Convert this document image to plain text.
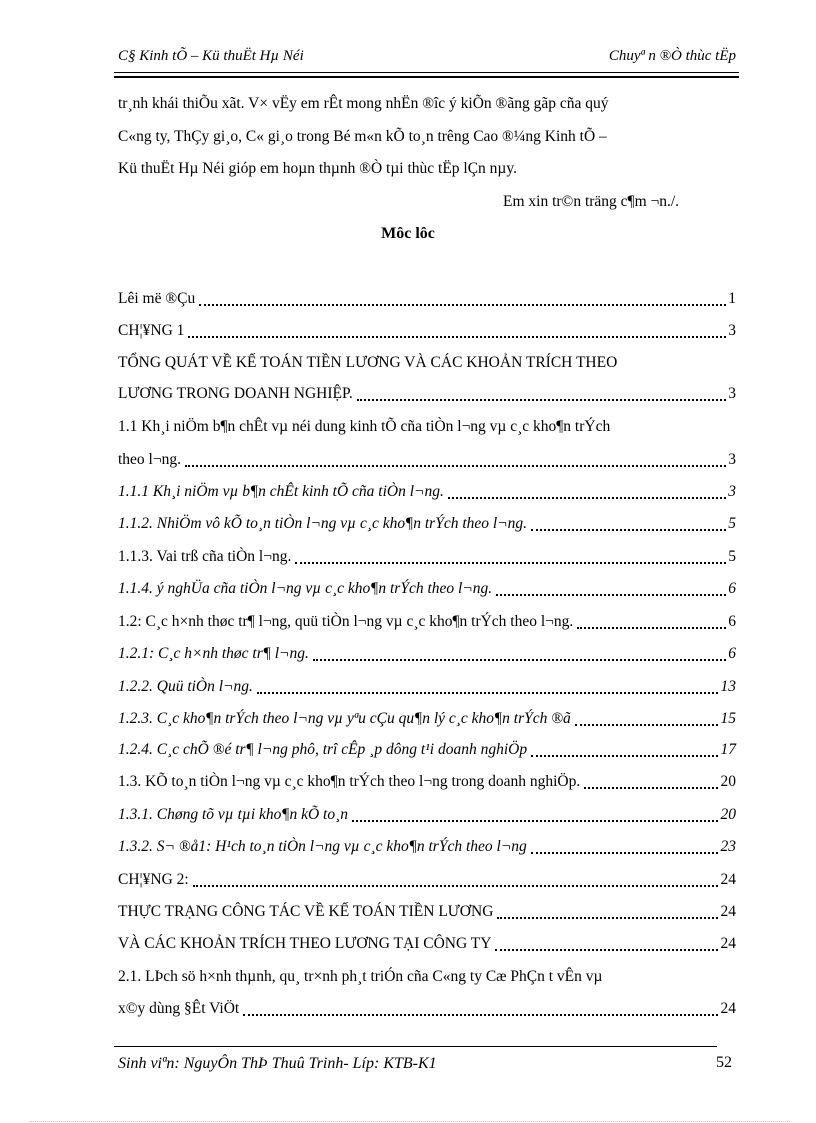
C§ Kinh tÕ – Kü thuËt Hµ Néi	Chuyª n ®Ò thùc tËp
tr¸nh khái thiÕu xãt. V× vËy em rÊt mong nhËn ®îc ý kiÕn ®ãng gãp cña quý
C«ng ty, ThÇy gi¸o, C« gi¸o trong Bé m«n kÕ to¸n trêng Cao ®¼ng Kinh tÕ –
Kü thuËt Hµ Néi gióp em hoµn thµnh ®Ò tµi thùc tËp lÇn nµy.
Em xin tr©n träng c¶m ¬n./.
Môc lôc
Lêi më ®Çu	1
CH¦¥NG 1	3
TỔNG QUÁT VỀ KẾ TOÁN TIỀN LƯƠNG VÀ CÁC KHOẢN TRÍCH THEO
LƯƠNG TRONG DOANH NGHIỆP.	3
1.1 Kh¸i niÖm b¶n chÊt vµ néi dung kinh tÕ cña tiÒn l¬ng vµ c¸c kho¶n trÝch
theo l¬ng.	3
1.1.1 Kh¸i niÖm vµ b¶n chÊt kinh tÕ cña tiÒn l¬ng.	3
1.1.2. NhiÖm vô kÕ to¸n tiÒn l¬ng vµ c¸c kho¶n trÝch theo l¬ng.	5
1.1.3. Vai trß cña tiÒn l¬ng.	5
1.1.4. ý nghÜa cña tiÒn l¬ng vµ c¸c kho¶n trÝch theo l¬ng.	6
1.2: C¸c h×nh thøc tr¶ l¬ng, quü tiÒn l¬ng vµ c¸c kho¶n trÝch theo l¬ng.	6
1.2.1: C¸c h×nh thøc tr¶ l¬ng.	6
1.2.2. Quü tiÒn l¬ng.	13
1.2.3. C¸c kho¶n trÝch theo l¬ng vµ yªu cÇu qu¶n lý c¸c kho¶n trÝch ®ã	15
1.2.4. C¸c chÕ ®é tr¶ l¬ng phô, trî cÊp ¸p dông t¹i doanh nghiÖp	17
1.3. KÕ to¸n tiÒn l¬ng vµ c¸c kho¶n trÝch theo l¬ng trong doanh nghiÖp.	20
1.3.1. Chøng tõ vµ tµi kho¶n kÕ to¸n	20
1.3.2. S¬ ®å1: H¹ch to¸n tiÒn l¬ng vµ c¸c kho¶n trÝch theo l¬ng	23
CH¦¥NG 2:	24
THỰC TRẠNG CÔNG TÁC VỀ KẾ TOÁN TIỀN LƯƠNG	24
VÀ CÁC KHOẢN TRÍCH THEO LƯƠNG TẠI CÔNG TY	24
2.1. LÞch sö h×nh thµnh, qu¸ tr×nh ph¸t triÓn cña C«ng ty Cæ PhÇn t vÊn vµ
x©y dùng §Êt ViÖt	24
Sinh viªn: NguyÔn ThÞ Thuû Trinh- Líp: KTB-K1	52
